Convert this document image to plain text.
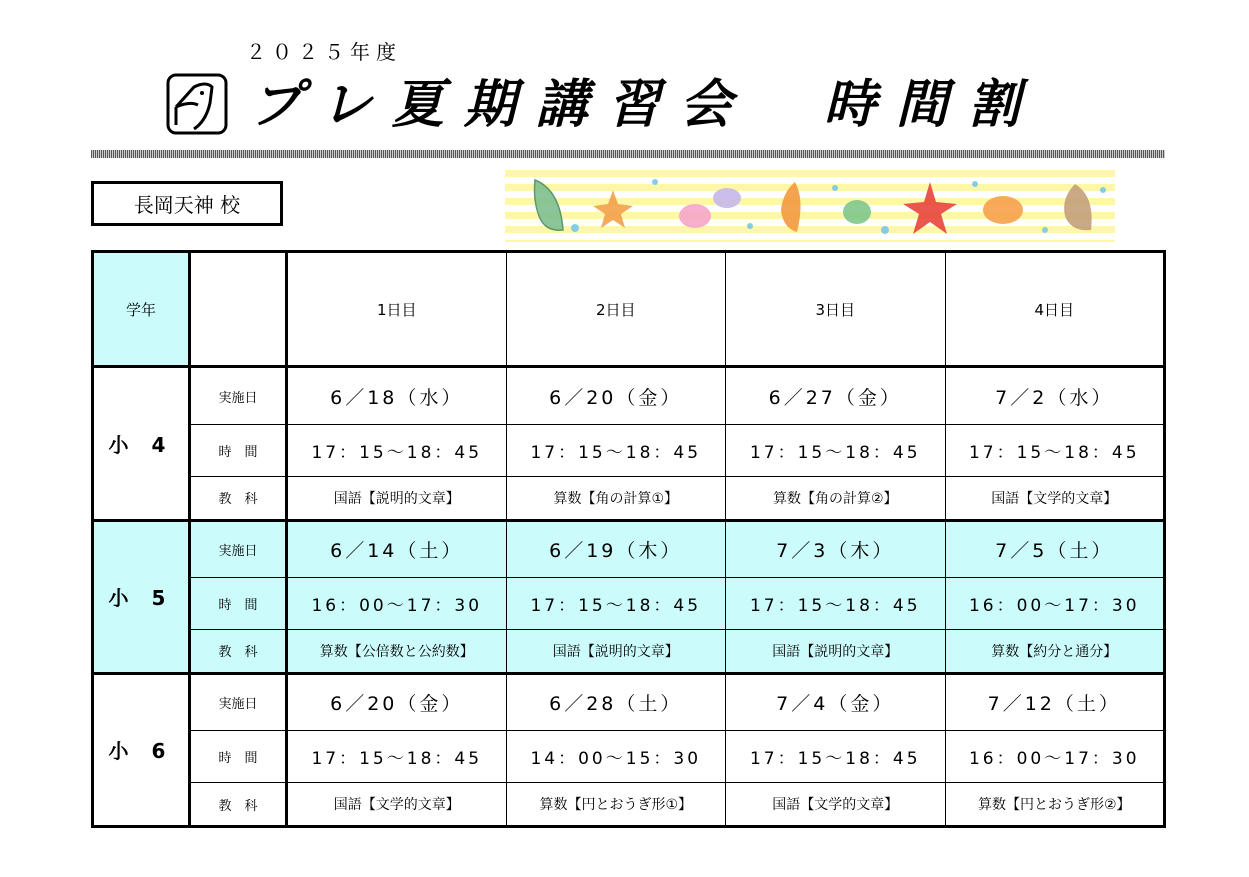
２０２５年度
プレ夏期講習会　時間割
長岡天神 校
学年		1日目	2日目	3日目	4日目
小 4	実施日	6／18（水）	6／20（金）	6／27（金）	7／2（水）
	時　間	17：15～18：45	17：15～18：45	17：15～18：45	17：15～18：45
	教　科	国語【説明的文章】	算数【角の計算①】	算数【角の計算②】	国語【文学的文章】
小 5	実施日	6／14（土）	6／19（木）	7／3（木）	7／5（土）
	時　間	16：00～17：30	17：15～18：45	17：15～18：45	16：00～17：30
	教　科	算数【公倍数と公約数】	国語【説明的文章】	国語【説明的文章】	算数【約分と通分】
小 6	実施日	6／20（金）	6／28（土）	7／4（金）	7／12（土）
	時　間	17：15～18：45	14：00～15：30	17：15～18：45	16：00～17：30
	教　科	国語【文学的文章】	算数【円とおうぎ形①】	国語【文学的文章】	算数【円とおうぎ形②】
